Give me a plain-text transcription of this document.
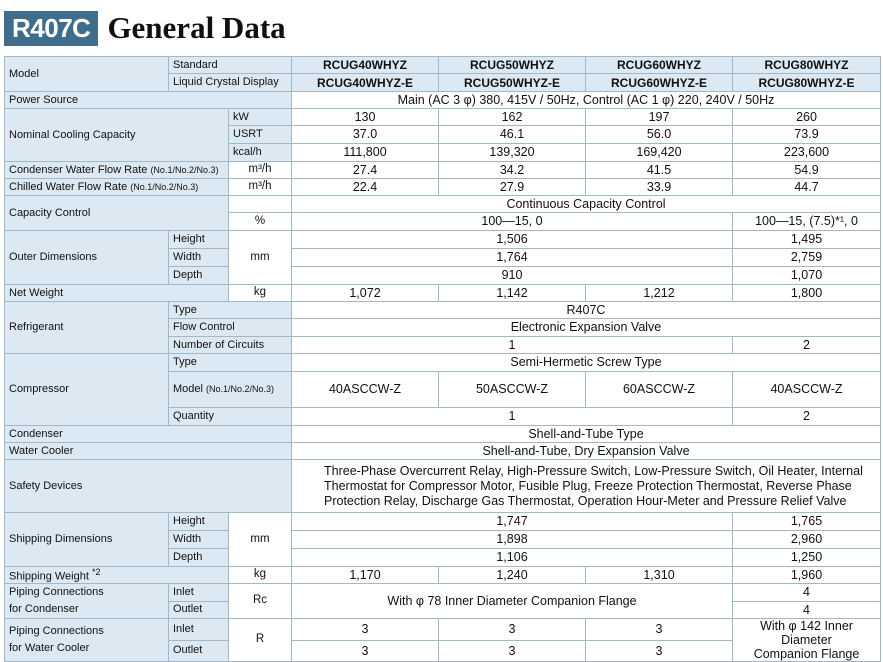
R407C General Data
Model	Standard		RCUG40WHYZ	RCUG50WHYZ	RCUG60WHYZ	RCUG80WHYZ
	Liquid Crystal Display		RCUG40WHYZ-E	RCUG50WHYZ-E	RCUG60WHYZ-E	RCUG80WHYZ-E
Power Source			Main (AC 3 φ) 380, 415V / 50Hz, Control (AC 1 φ) 220, 240V / 50Hz			
Nominal Cooling Capacity		kW	130	162	197	260
		USRT	37.0	46.1	56.0	73.9
		kcal/h	111,800	139,320	169,420	223,600
Condenser Water Flow Rate (No.1/No.2/No.3)		m³/h	27.4	34.2	41.5	54.9
Chilled Water Flow Rate (No.1/No.2/No.3)		m³/h	22.4	27.9	33.9	44.7
Capacity Control			Continuous Capacity Control			
		%	100—15, 0			100—15, (7.5)*¹, 0
Outer Dimensions	Height	mm	1,506			1,495
	Width		1,764			2,759
	Depth		910			1,070
Net Weight		kg	1,072	1,142	1,212	1,800
Refrigerant	Type		R407C			
	Flow Control		Electronic Expansion Valve			
	Number of Circuits		1			2
Compressor	Type		Semi-Hermetic Screw Type			
	Model (No.1/No.2/No.3)		40ASCCW-Z	50ASCCW-Z	60ASCCW-Z	40ASCCW-Z
	Quantity		1			2
Condenser			Shell-and-Tube Type			
Water Cooler			Shell-and-Tube, Dry Expansion Valve			
Safety Devices			Three-Phase Overcurrent Relay, High-Pressure Switch, Low-Pressure Switch, Oil Heater, Internal Thermostat for Compressor Motor, Fusible Plug, Freeze Protection Thermostat, Reverse Phase Protection Relay, Discharge Gas Thermostat, Operation Hour-Meter and Pressure Relief Valve			
Shipping Dimensions	Height	mm	1,747			1,765
	Width		1,898			2,960
	Depth		1,106			1,250
Shipping Weight $^{*2}$		kg	1,170	1,240	1,310	1,960
Piping Connections
for Condenser	Inlet	Rc	With φ 78 Inner Diameter Companion Flange			4
	Outlet					4
Piping Connections
for Water Cooler	Inlet	R	3	3	3	With φ 142 Inner Diameter
Companion Flange
	Outlet		3	3	3	
